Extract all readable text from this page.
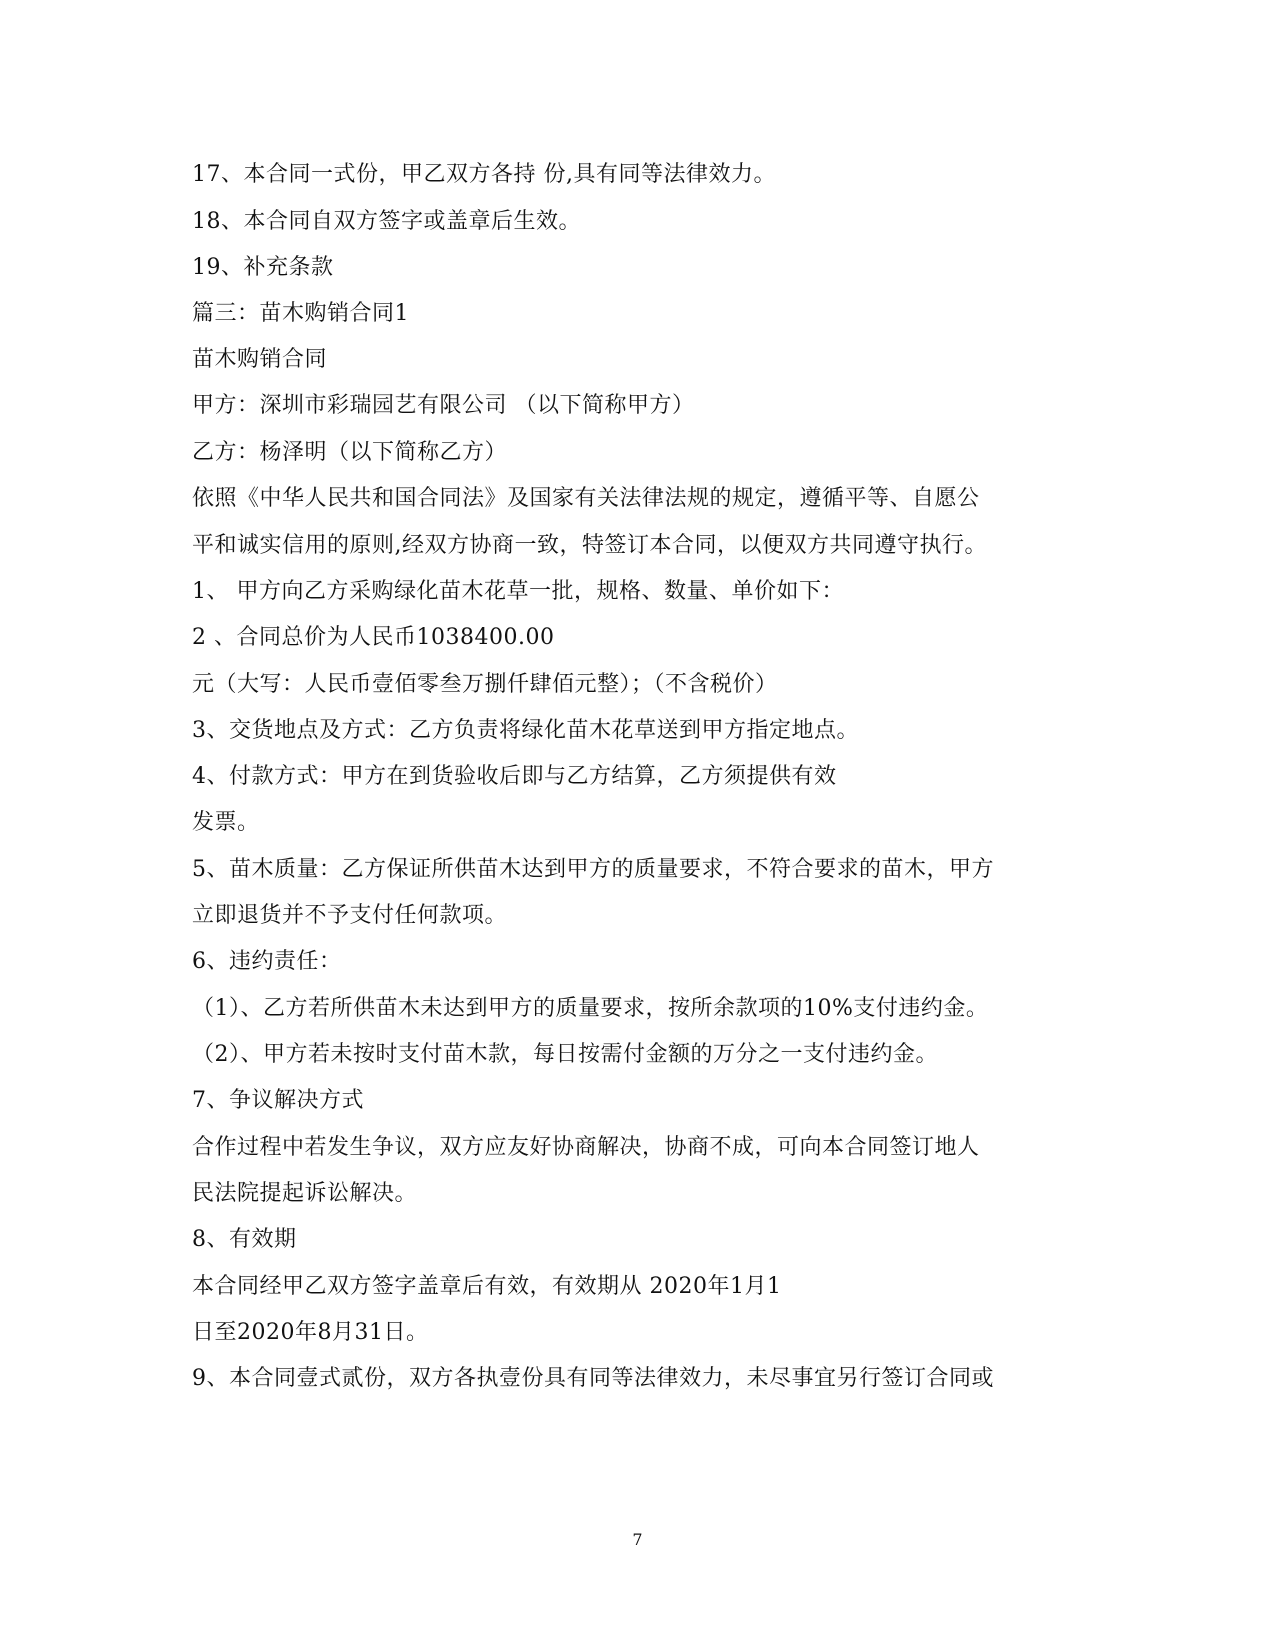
17、本合同一式份，甲乙双方各持 份,具有同等法律效力。
18、本合同自双方签字或盖章后生效。
19、补充条款
篇三：苗木购销合同1
苗木购销合同
甲方：深圳市彩瑞园艺有限公司 （以下简称甲方）
乙方：杨泽明（以下简称乙方）
依照《中华人民共和国合同法》及国家有关法律法规的规定，遵循平等、自愿公
平和诚实信用的原则,经双方协商一致，特签订本合同，以便双方共同遵守执行。
1、 甲方向乙方采购绿化苗木花草一批，规格、数量、单价如下：
2 、合同总价为人民币1038400.00
元（大写：人民币壹佰零叁万捌仟肆佰元整）；（不含税价）
3、交货地点及方式：乙方负责将绿化苗木花草送到甲方指定地点。
4、付款方式：甲方在到货验收后即与乙方结算，乙方须提供有效
发票。
5、苗木质量：乙方保证所供苗木达到甲方的质量要求，不符合要求的苗木，甲方
立即退货并不予支付任何款项。
6、违约责任：
（1）、乙方若所供苗木未达到甲方的质量要求，按所余款项的10%支付违约金。
（2）、甲方若未按时支付苗木款，每日按需付金额的万分之一支付违约金。
7、争议解决方式
合作过程中若发生争议，双方应友好协商解决，协商不成，可向本合同签订地人
民法院提起诉讼解决。
8、有效期
本合同经甲乙双方签字盖章后有效，有效期从 2020年1月1
日至2020年8月31日。
9、本合同壹式贰份，双方各执壹份具有同等法律效力，未尽事宜另行签订合同或
7
